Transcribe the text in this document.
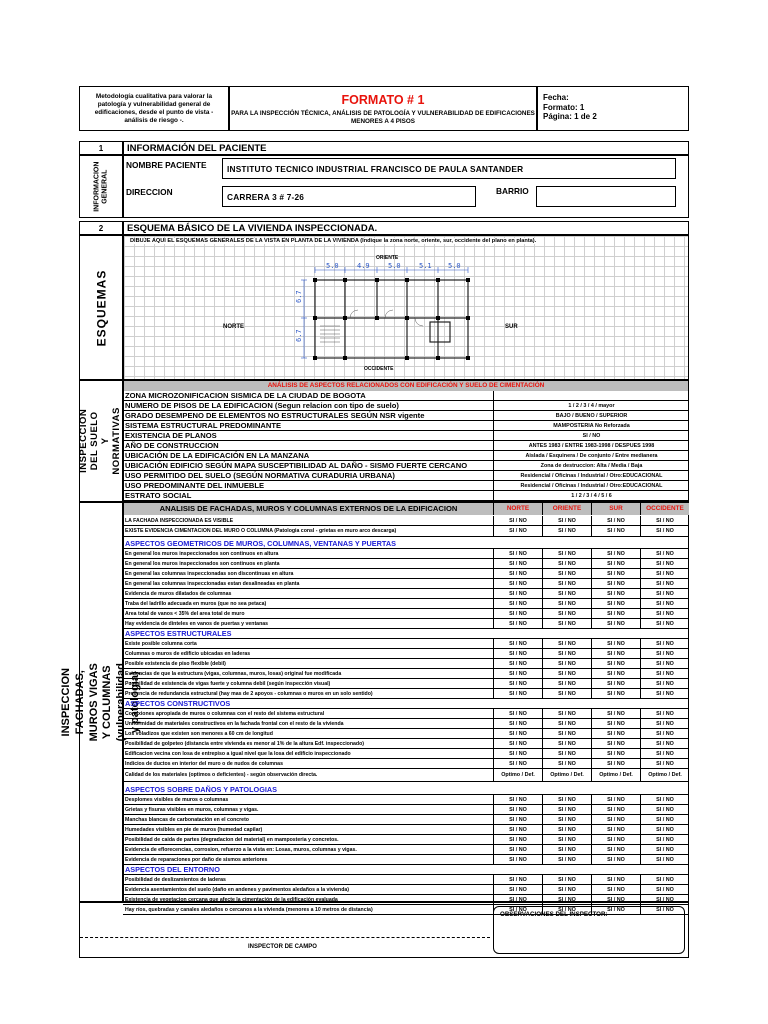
Metodología cualitativa para valorar la patología y vulnerabilidad general de edificaciones, desde el punto de vista - análisis de riesgo -.
FORMATO # 1
PARA LA INSPECCIÓN TÉCNICA, ANÁLISIS DE PATOLOGÍA Y VULNERABILIDAD DE EDIFICACIONES MENORES A 4 PISOS
Fecha:
Formato: 1
Página: 1 de 2
1	INFORMACIÓN DEL PACIENTE
INFORMACION GENERAL
NOMBRE PACIENTE	INSTITUTO TECNICO INDUSTRIAL FRANCISCO DE PAULA SANTANDER
DIRECCION	CARRERA 3 # 7-26
BARRIO
2	ESQUEMA BÁSICO DE LA VIVIENDA INSPECCIONADA.
ESQUEMAS
DIBUJE AQUI EL ESQUEMAS GENERALES DE LA VISTA EN PLANTA DE LA VIVIENDA (Indique la zona norte, oriente, sur, occidente del plano en planta).
ORIENTE
NORTE	SUR
OCCIDENTE
5.0	4.9	5.0	5.1 5.0
6.7
6.7
INSPECCION DEL SUELO Y NORMATIVAS
ANÁLISIS DE ASPECTOS RELACIONADOS CON EDIFICACIÓN Y SUELO DE CIMENTACIÓN
ZONA MICROZONIFICACION SISMICA DE LA CIUDAD DE BOGOTA
NUMERO DE PISOS DE LA EDIFICACION (Segun relacion con tipo de suelo)	1 / 2 / 3 / 4 / mayor
GRADO DESEMPENO DE ELEMENTOS NO ESTRUCTURALES SEGÚN NSR vigente	BAJO / BUENO / SUPERIOR
SISTEMA ESTRUCTURAL PREDOMINANTE	MAMPOSTERIA No Reforzada
EXISTENCIA DE PLANOS	SI / NO
AÑO DE CONSTRUCCION	ANTES 1983 / ENTRE 1983-1998 / DESPUES 1998
UBICACIÓN DE LA EDIFICACIÓN EN LA MANZANA	Aislada / Esquinera / De conjunto / Entre medianera
UBICACIÓN EDIFICIO SEGÚN MAPA SUSCEPTIBILIDAD AL DAÑO - SISMO FUERTE CERCANO	Zona de destruccion: Alta / Media / Baja
USO PERMITIDO DEL SUELO (SEGÚN NORMATIVA CURADURIA URBANA)	Residencial / Oficinas / Industrial / Otro:EDUCACIONAL
USO PREDOMINANTE DEL INMUEBLE	Residencial / Oficinas / Industrial / Otro:EDUCACIONAL
ESTRATO SOCIAL	1 / 2 / 3 / 4 / 5 / 6
INSPECCION FACHADAS, MUROS VIGAS Y COLUMNAS (vulnerabilidad y patologia)
ANALISIS DE FACHADAS, MUROS Y COLUMNAS EXTERNOS DE LA EDIFICACION	NORTE	ORIENTE	SUR	OCCIDENTE
LA FACHADA INSPECCIONADA ES VISIBLE	SI / NO	SI / NO	SI / NO	SI / NO
EXISTE EVIDENCIA CIMENTACION DEL MURO O COLUMNA (Patologia consl - grietas en muro arco descarga)	SI / NO	SI / NO	SI / NO	SI / NO
ASPECTOS GEOMETRICOS DE MUROS, COLUMNAS, VENTANAS Y PUERTAS
En general los muros inspeccionados son continuos en altura	SI / NO	SI / NO	SI / NO	SI / NO
En general los muros inspeccionados son continuos en planta	SI / NO	SI / NO	SI / NO	SI / NO
En general las columnas inspeccionadas son discontinuas en altura	SI / NO	SI / NO	SI / NO	SI / NO
En general las columnas inspeccionadas estan desalineadas en planta	SI / NO	SI / NO	SI / NO	SI / NO
Evidencia de muros dilatados de columnas	SI / NO	SI / NO	SI / NO	SI / NO
Traba del ladrillo adecuada en muros (que no sea petaca)	SI / NO	SI / NO	SI / NO	SI / NO
Area total de vanos < 35% del area total de muro	SI / NO	SI / NO	SI / NO	SI / NO
Hay evidencia de dinteles en vanos de puertas y ventanas	SI / NO	SI / NO	SI / NO	SI / NO
ASPECTOS ESTRUCTURALES
Existe posible columna corta	SI / NO	SI / NO	SI / NO	SI / NO
Columnas o muros de edificio ubicadas en laderas	SI / NO	SI / NO	SI / NO	SI / NO
Posible existencia de piso flexible (debil)	SI / NO	SI / NO	SI / NO	SI / NO
Evidencias de que la estructura (vigas, columnas, muros, losas) original fue modificada	SI / NO	SI / NO	SI / NO	SI / NO
Posibilidad de existencia de vigas fuerte y columna debil (según inspección visual)	SI / NO	SI / NO	SI / NO	SI / NO
Presencia de redundancia estructural (hay mas de 2 apoyos - columnas o muros en un solo sentido)	SI / NO	SI / NO	SI / NO	SI / NO
ASPECTOS CONSTRUCTIVOS
Conexiones apropiada de muros o columnas con el resto del sistema estructural	SI / NO	SI / NO	SI / NO	SI / NO
Uniformidad de materiales constructivos en la fachada frontal con el resto de la vivienda	SI / NO	SI / NO	SI / NO	SI / NO
Los voladizos que existen son menores a 60 cm de longitud	SI / NO	SI / NO	SI / NO	SI / NO
Posibilidad de golpeteo (distancia entre vivienda es menor al 1% de la altura Edf. inspeccionado)	SI / NO	SI / NO	SI / NO	SI / NO
Edificacion vecina con losa de entrepiso a igual nivel que la losa del edificio inspeccionado	SI / NO	SI / NO	SI / NO	SI / NO
Indicios de ductos en interior del muro o de nudos de columnas	SI / NO	SI / NO	SI / NO	SI / NO
Calidad de los materiales (optimos o deficientes) - según observación directa.	Optimo / Def.	Optimo / Def.	Optimo / Def.	Optimo / Def.
ASPECTOS SOBRE DAÑOS Y PATOLOGIAS
Desplomes visibles de muros o columnas	SI / NO	SI / NO	SI / NO	SI / NO
Grietas y fisuras visibles en muros, columnas y vigas.	SI / NO	SI / NO	SI / NO	SI / NO
Manchas blancas de carbonatación en el concreto	SI / NO	SI / NO	SI / NO	SI / NO
Humedades visibles en pie de muros (humedad capilar)	SI / NO	SI / NO	SI / NO	SI / NO
Posibilidad de caida de partes (degradacion del material) en mamposteria y concretos.	SI / NO	SI / NO	SI / NO	SI / NO
Evidencia de eflorecencias, corrosion, refuerzo a la vista en: Losas, muros, columnas y vigas.	SI / NO	SI / NO	SI / NO	SI / NO
Evidencia de reparaciones por daño de sismos anteriores	SI / NO	SI / NO	SI / NO	SI / NO
ASPECTOS DEL ENTORNO
Posibilidad de deslizamientos de laderas	SI / NO	SI / NO	SI / NO	SI / NO
Evidencia asentamientos del suelo (daño en andenes y pavimentos aledaños a la vivienda)	SI / NO	SI / NO	SI / NO	SI / NO
Existencia de vegetacion cercana que afecte la cimentación de la edificación evaluada	SI / NO	SI / NO	SI / NO	SI / NO
Hay ríos, quebradas y canales aledaños o cercanos a la vivienda (menores a 10 metros de distancia)	SI / NO	SI / NO	SI / NO	SI / NO
INSPECTOR DE CAMPO
OBSERVACIONES DEL INSPECTOR:
